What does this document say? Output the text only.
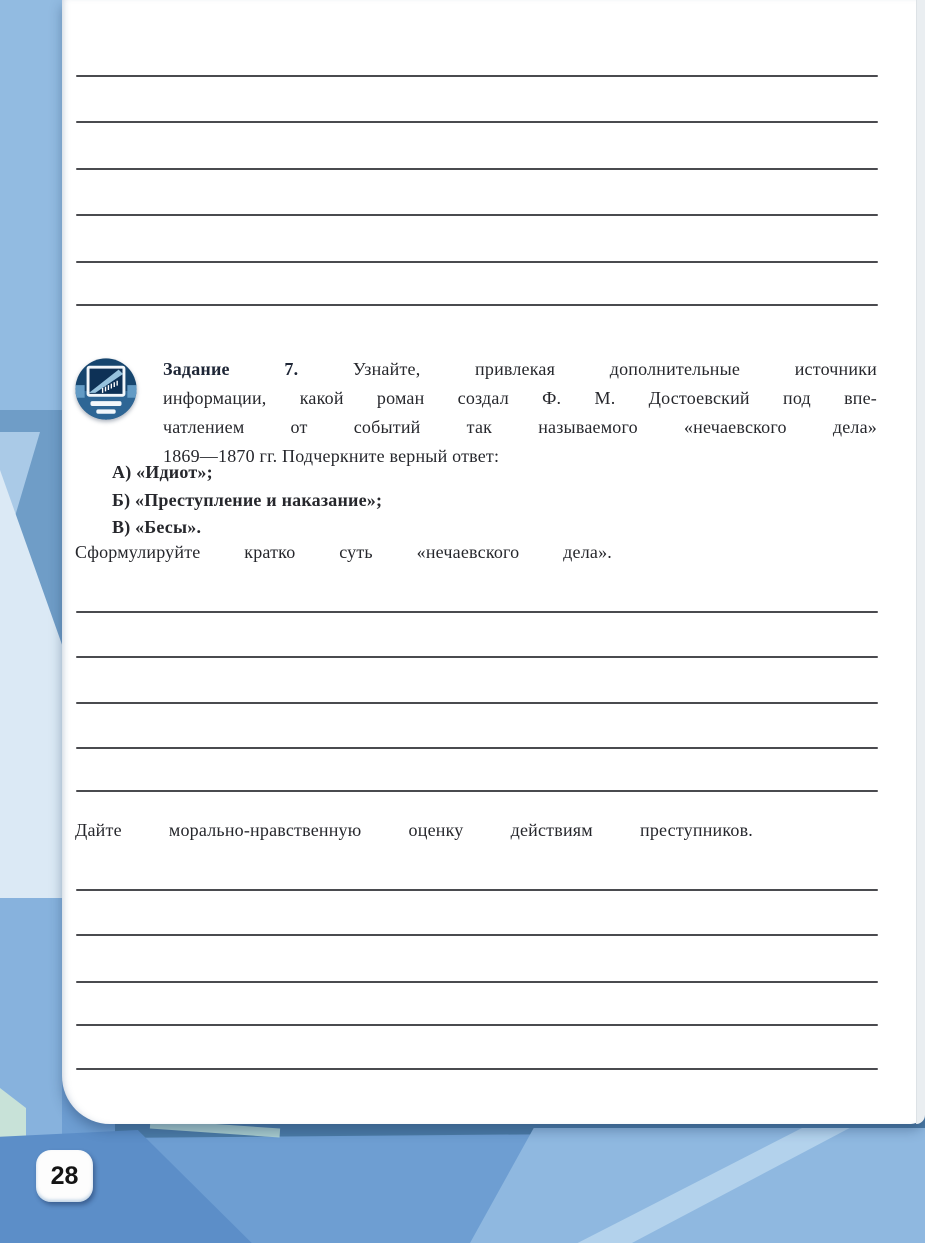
Задание 7.	Узнайте, привлекая дополнительные источники
информации, какой роман создал Ф. М. Достоевский под впе-
чатлением от событий так называемого «нечаевского дела»
1869—1870 гг. Подчеркните верный ответ:
А) «Идиот»;
Б) «Преступление и наказание»;
В) «Бесы».
Сформулируйте кратко суть «нечаевского дела».
Дайте морально-нравственную оценку действиям преступников.
28
